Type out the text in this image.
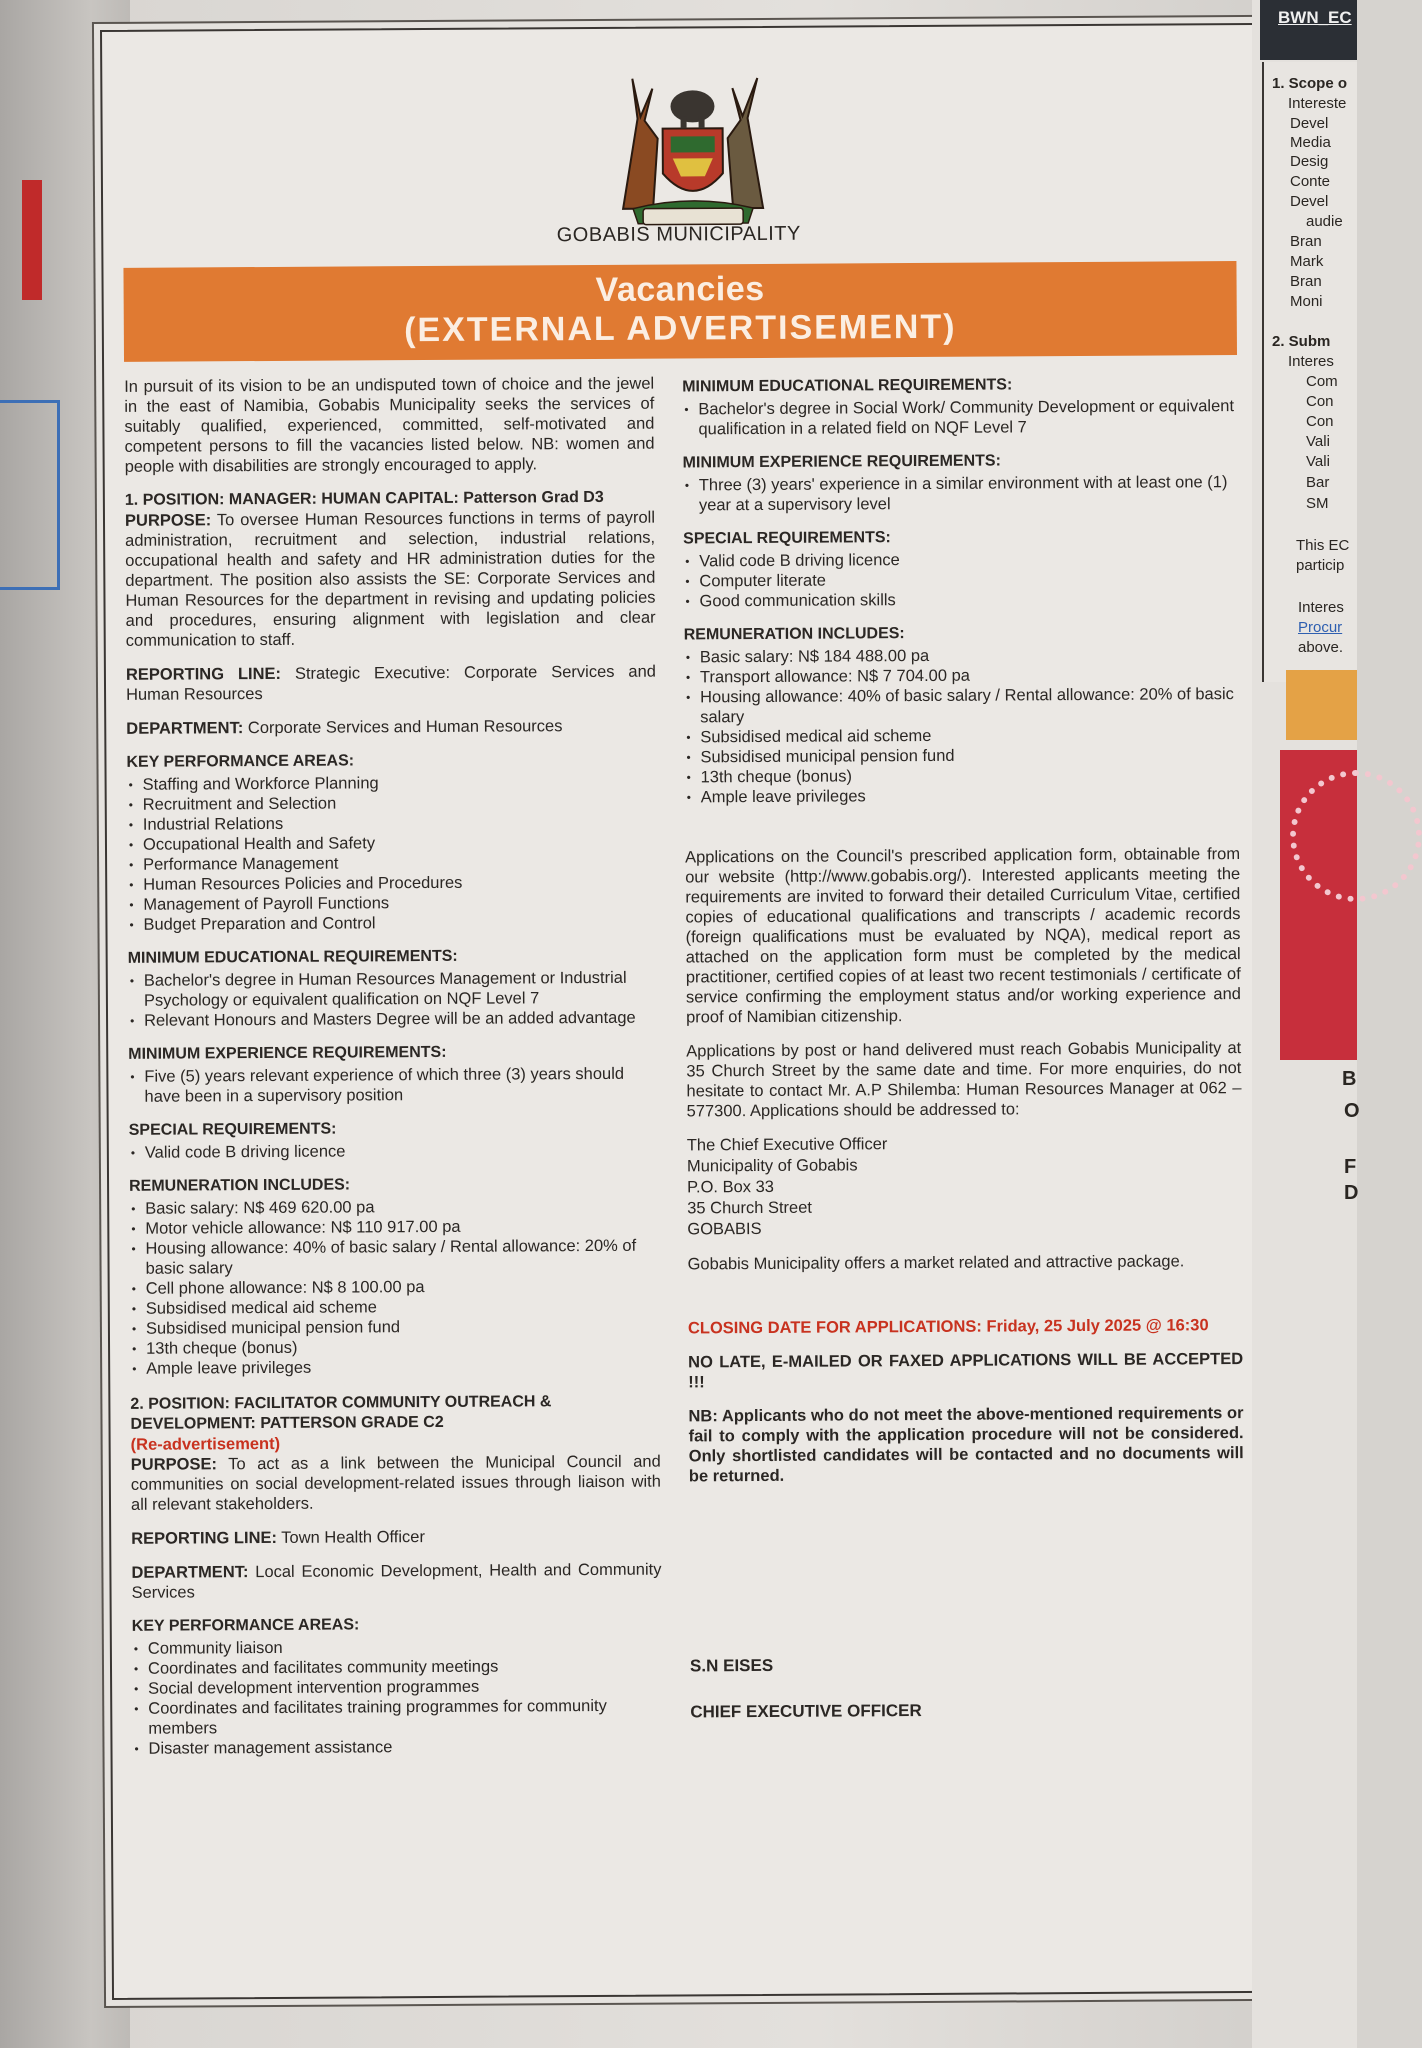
GOBABIS MUNICIPALITY
Vacancies
(EXTERNAL ADVERTISEMENT)

In pursuit of its vision to be an undisputed town of choice and the jewel in the east of Namibia, Gobabis Municipality seeks the services of suitably qualified, experienced, committed, self-motivated and competent persons to fill the vacancies listed below. NB: women and people with disabilities are strongly encouraged to apply.

1. POSITION: MANAGER: HUMAN CAPITAL: Patterson Grad D3

PURPOSE: To oversee Human Resources functions in terms of payroll administration, recruitment and selection, industrial relations, occupational health and safety and HR administration duties for the department. The position also assists the SE: Corporate Services and Human Resources for the department in revising and updating policies and procedures, ensuring alignment with legislation and clear communication to staff.

REPORTING LINE: Strategic Executive: Corporate Services and Human Resources

DEPARTMENT: Corporate Services and Human Resources

KEY PERFORMANCE AREAS:
• Staffing and Workforce Planning
• Recruitment and Selection
• Industrial Relations
• Occupational Health and Safety
• Performance Management
• Human Resources Policies and Procedures
• Management of Payroll Functions
• Budget Preparation and Control
MINIMUM EDUCATIONAL REQUIREMENTS:
• Bachelor's degree in Human Resources Management or Industrial Psychology or equivalent qualification on NQF Level 7
• Relevant Honours and Masters Degree will be an added advantage
MINIMUM EXPERIENCE REQUIREMENTS:
• Five (5) years relevant experience of which three (3) years should have been in a supervisory position
SPECIAL REQUIREMENTS:
• Valid code B driving licence
REMUNERATION INCLUDES:
• Basic salary: N$ 469 620.00 pa
• Motor vehicle allowance: N$ 110 917.00 pa
• Housing allowance: 40% of basic salary / Rental allowance: 20% of basic salary
• Cell phone allowance: N$ 8 100.00 pa
• Subsidised medical aid scheme
• Subsidised municipal pension fund
• 13th cheque (bonus)
• Ample leave privileges
2. POSITION: FACILITATOR COMMUNITY OUTREACH & DEVELOPMENT: PATTERSON GRADE C2
(Re-advertisement)

PURPOSE: To act as a link between the Municipal Council and communities on social development-related issues through liaison with all relevant stakeholders.

REPORTING LINE: Town Health Officer

DEPARTMENT: Local Economic Development, Health and Community Services

KEY PERFORMANCE AREAS:
• Community liaison
• Coordinates and facilitates community meetings
• Social development intervention programmes
• Coordinates and facilitates training programmes for community members
• Disaster management assistance
MINIMUM EDUCATIONAL REQUIREMENTS:
• Bachelor's degree in Social Work/ Community Development or equivalent qualification in a related field on NQF Level 7
MINIMUM EXPERIENCE REQUIREMENTS:
• Three (3) years' experience in a similar environment with at least one (1) year at a supervisory level
SPECIAL REQUIREMENTS:
• Valid code B driving licence
• Computer literate
• Good communication skills
REMUNERATION INCLUDES:
• Basic salary: N$ 184 488.00 pa
• Transport allowance: N$ 7 704.00 pa
• Housing allowance: 40% of basic salary / Rental allowance: 20% of basic salary
• Subsidised medical aid scheme
• Subsidised municipal pension fund
• 13th cheque (bonus)
• Ample leave privileges

Applications on the Council's prescribed application form, obtainable from our website (http://www.gobabis.org/). Interested applicants meeting the requirements are invited to forward their detailed Curriculum Vitae, certified copies of educational qualifications and transcripts / academic records (foreign qualifications must be evaluated by NQA), medical report as attached on the application form must be completed by the medical practitioner, certified copies of at least two recent testimonials / certificate of service confirming the employment status and/or working experience and proof of Namibian citizenship.

Applications by post or hand delivered must reach Gobabis Municipality at 35 Church Street by the same date and time. For more enquiries, do not hesitate to contact Mr. A.P Shilemba: Human Resources Manager at 062 – 577300. Applications should be addressed to:

The Chief Executive Officer
Municipality of Gobabis
P.O. Box 33
35 Church Street
GOBABIS

Gobabis Municipality offers a market related and attractive package.

CLOSING DATE FOR APPLICATIONS: Friday, 25 July 2025 @ 16:30

NO LATE, E-MAILED OR FAXED APPLICATIONS WILL BE ACCEPTED !!!

NB: Applicants who do not meet the above-mentioned requirements or fail to comply with the application procedure will not be considered. Only shortlisted candidates will be contacted and no documents will be returned.

S.N EISES
CHIEF EXECUTIVE OFFICER
BWN_EC
1. Scope o
Intereste
Devel
Media
Desig
Conte
Devel
audie
Bran
Mark
Bran
Moni
2. Subm
Interes
Com
Con
Con
Vali
Vali
Bar
SM
This EC
particip
Interes
Procur
above.
B
O
F
D
